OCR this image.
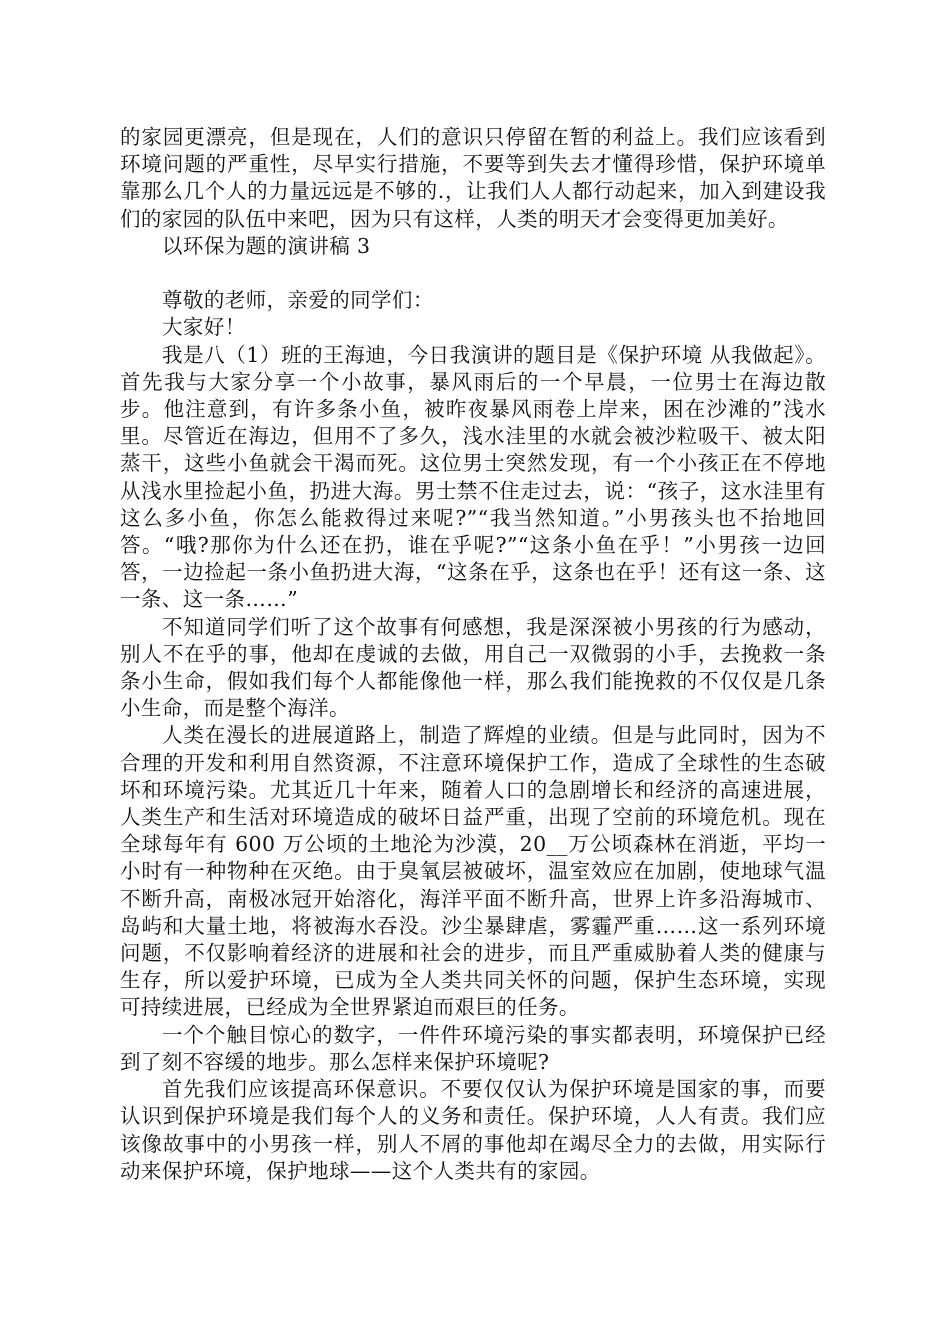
的家园更漂亮，但是现在，人们的意识只停留在暂的利益上。我们应该看到环境问题的严重性，尽早实行措施，不要等到失去才懂得珍惜，保护环境单靠那么几个人的力量远远是不够的.，让我们人人都行动起来，加入到建设我们的家园的队伍中来吧，因为只有这样，人类的明天才会变得更加美好。

以环保为题的演讲稿 3

尊敬的老师，亲爱的同学们：

大家好！

我是八（1）班的王海迪，今日我演讲的题目是《保护环境 从我做起》。首先我与大家分享一个小故事，暴风雨后的一个早晨，一位男士在海边散步。他注意到，有许多条小鱼，被昨夜暴风雨卷上岸来，困在沙滩的”浅水里。尽管近在海边，但用不了多久，浅水洼里的水就会被沙粒吸干、被太阳蒸干，这些小鱼就会干渴而死。这位男士突然发现，有一个小孩正在不停地从浅水里捡起小鱼，扔进大海。男士禁不住走过去，说：“孩子，这水洼里有这么多小鱼，你怎么能救得过来呢?”“我当然知道。”小男孩头也不抬地回答。“哦?那你为什么还在扔，谁在乎呢?”“这条小鱼在乎！”小男孩一边回答，一边捡起一条小鱼扔进大海，“这条在乎，这条也在乎！还有这一条、这一条、这一条……”

不知道同学们听了这个故事有何感想，我是深深被小男孩的行为感动，别人不在乎的事，他却在虔诚的去做，用自己一双微弱的小手，去挽救一条条小生命，假如我们每个人都能像他一样，那么我们能挽救的不仅仅是几条小生命，而是整个海洋。

人类在漫长的进展道路上，制造了辉煌的业绩。但是与此同时，因为不合理的开发和利用自然资源，不注意环境保护工作，造成了全球性的生态破坏和环境污染。尤其近几十年来，随着人口的急剧增长和经济的高速进展，人类生产和生活对环境造成的破坏日益严重，出现了空前的环境危机。现在全球每年有 600 万公顷的土地沦为沙漠，20__万公顷森林在消逝，平均一小时有一种物种在灭绝。由于臭氧层被破坏，温室效应在加剧，使地球气温不断升高，南极冰冠开始溶化，海洋平面不断升高，世界上许多沿海城市、岛屿和大量土地，将被海水吞没。沙尘暴肆虐，雾霾严重……这一系列环境问题，不仅影响着经济的进展和社会的进步，而且严重威胁着人类的健康与生存，所以爱护环境，已成为全人类共同关怀的问题，保护生态环境，实现可持续进展，已经成为全世界紧迫而艰巨的任务。

一个个触目惊心的数字，一件件环境污染的事实都表明，环境保护已经到了刻不容缓的地步。那么怎样来保护环境呢?

首先我们应该提高环保意识。不要仅仅认为保护环境是国家的事，而要认识到保护环境是我们每个人的义务和责任。保护环境，人人有责。我们应该像故事中的小男孩一样，别人不屑的事他却在竭尽全力的去做，用实际行动来保护环境，保护地球——这个人类共有的家园。
